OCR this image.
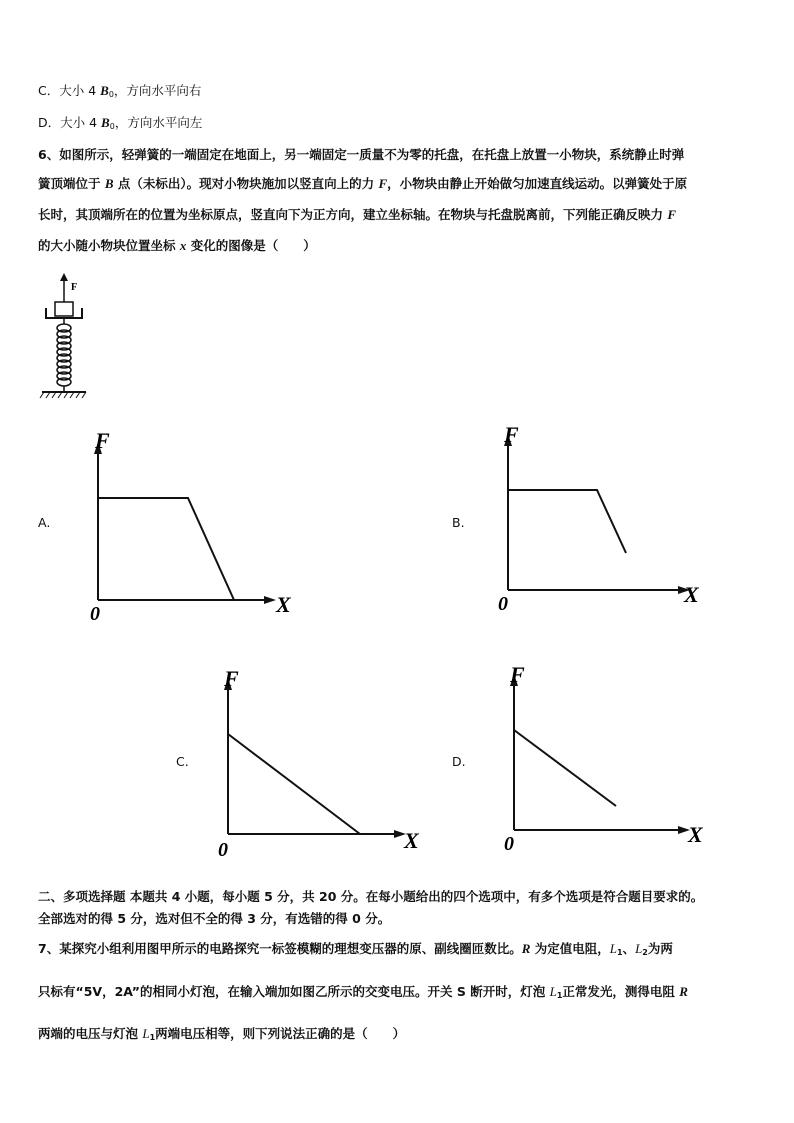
C．大小 4 $B_0$，方向水平向右
D．大小 4 $B_0$，方向水平向左
6、如图所示，轻弹簧的一端固定在地面上，另一端固定一质量不为零的托盘，在托盘上放置一小物块，系统静止时弹
簧顶端位于 B 点（未标出）。现对小物块施加以竖直向上的力 F，小物块由静止开始做匀加速直线运动。以弹簧处于原
长时，其顶端所在的位置为坐标原点，竖直向下为正方向，建立坐标轴。在物块与托盘脱离前，下列能正确反映力 F
的大小随小物块位置坐标 x 变化的图像是（　　）
F
A.	B.
C.	D.
F
X
0
F
X
0
F
X
0
F
X
0
二、多项选择题 本题共 4 小题，每小题 5 分，共 20 分。在每小题给出的四个选项中，有多个选项是符合题目要求的。
全部选对的得 5 分，选对但不全的得 3 分，有选错的得 0 分。
7、某探究小组利用图甲所示的电路探究一标签模糊的理想变压器的原、副线圈匝数比。R 为定值电阻，$L_1$、$L_2$为两
只标有“5V，2A”的相同小灯泡，在输入端加如图乙所示的交变电压。开关 S 断开时，灯泡 $L_1$正常发光，测得电阻 R
两端的电压与灯泡 $L_1$两端电压相等，则下列说法正确的是（　　）
